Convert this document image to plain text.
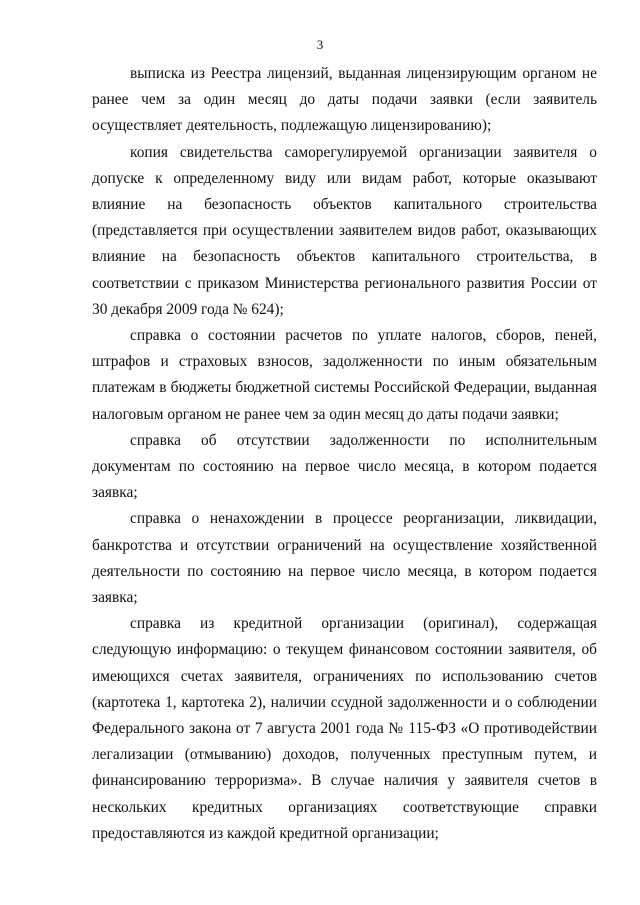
3

выписка из Реестра лицензий, выданная лицензирующим органом не ранее чем за один месяц до даты подачи заявки (если заявитель осуществляет деятельность, подлежащую лицензированию);

копия свидетельства саморегулируемой организации заявителя о допуске к определенному виду или видам работ, которые оказывают влияние на безопасность объектов капитального строительства (представляется при осуществлении заявителем видов работ, оказывающих влияние на безопасность объектов капитального строительства, в соответствии с приказом Министерства регионального развития России от 30 декабря 2009 года № 624);

справка о состоянии расчетов по уплате налогов, сборов, пеней, штрафов и страховых взносов, задолженности по иным обязательным платежам в бюджеты бюджетной системы Российской Федерации, выданная налоговым органом не ранее чем за один месяц до даты подачи заявки;

справка об отсутствии задолженности по исполнительным документам по состоянию на первое число месяца, в котором подается заявка;

справка о ненахождении в процессе реорганизации, ликвидации, банкротства и отсутствии ограничений на осуществление хозяйственной деятельности по состоянию на первое число месяца, в котором подается заявка;

справка из кредитной организации (оригинал), содержащая следующую информацию: о текущем финансовом состоянии заявителя, об имеющихся счетах заявителя, ограничениях по использованию счетов (картотека 1, картотека 2), наличии ссудной задолженности и о соблюдении Федерального закона от 7 августа 2001 года № 115-ФЗ «О противодействии легализации (отмыванию) доходов, полученных преступным путем, и финансированию терроризма». В случае наличия у заявителя счетов в нескольких кредитных организациях соответствующие справки предоставляются из каждой кредитной организации;
